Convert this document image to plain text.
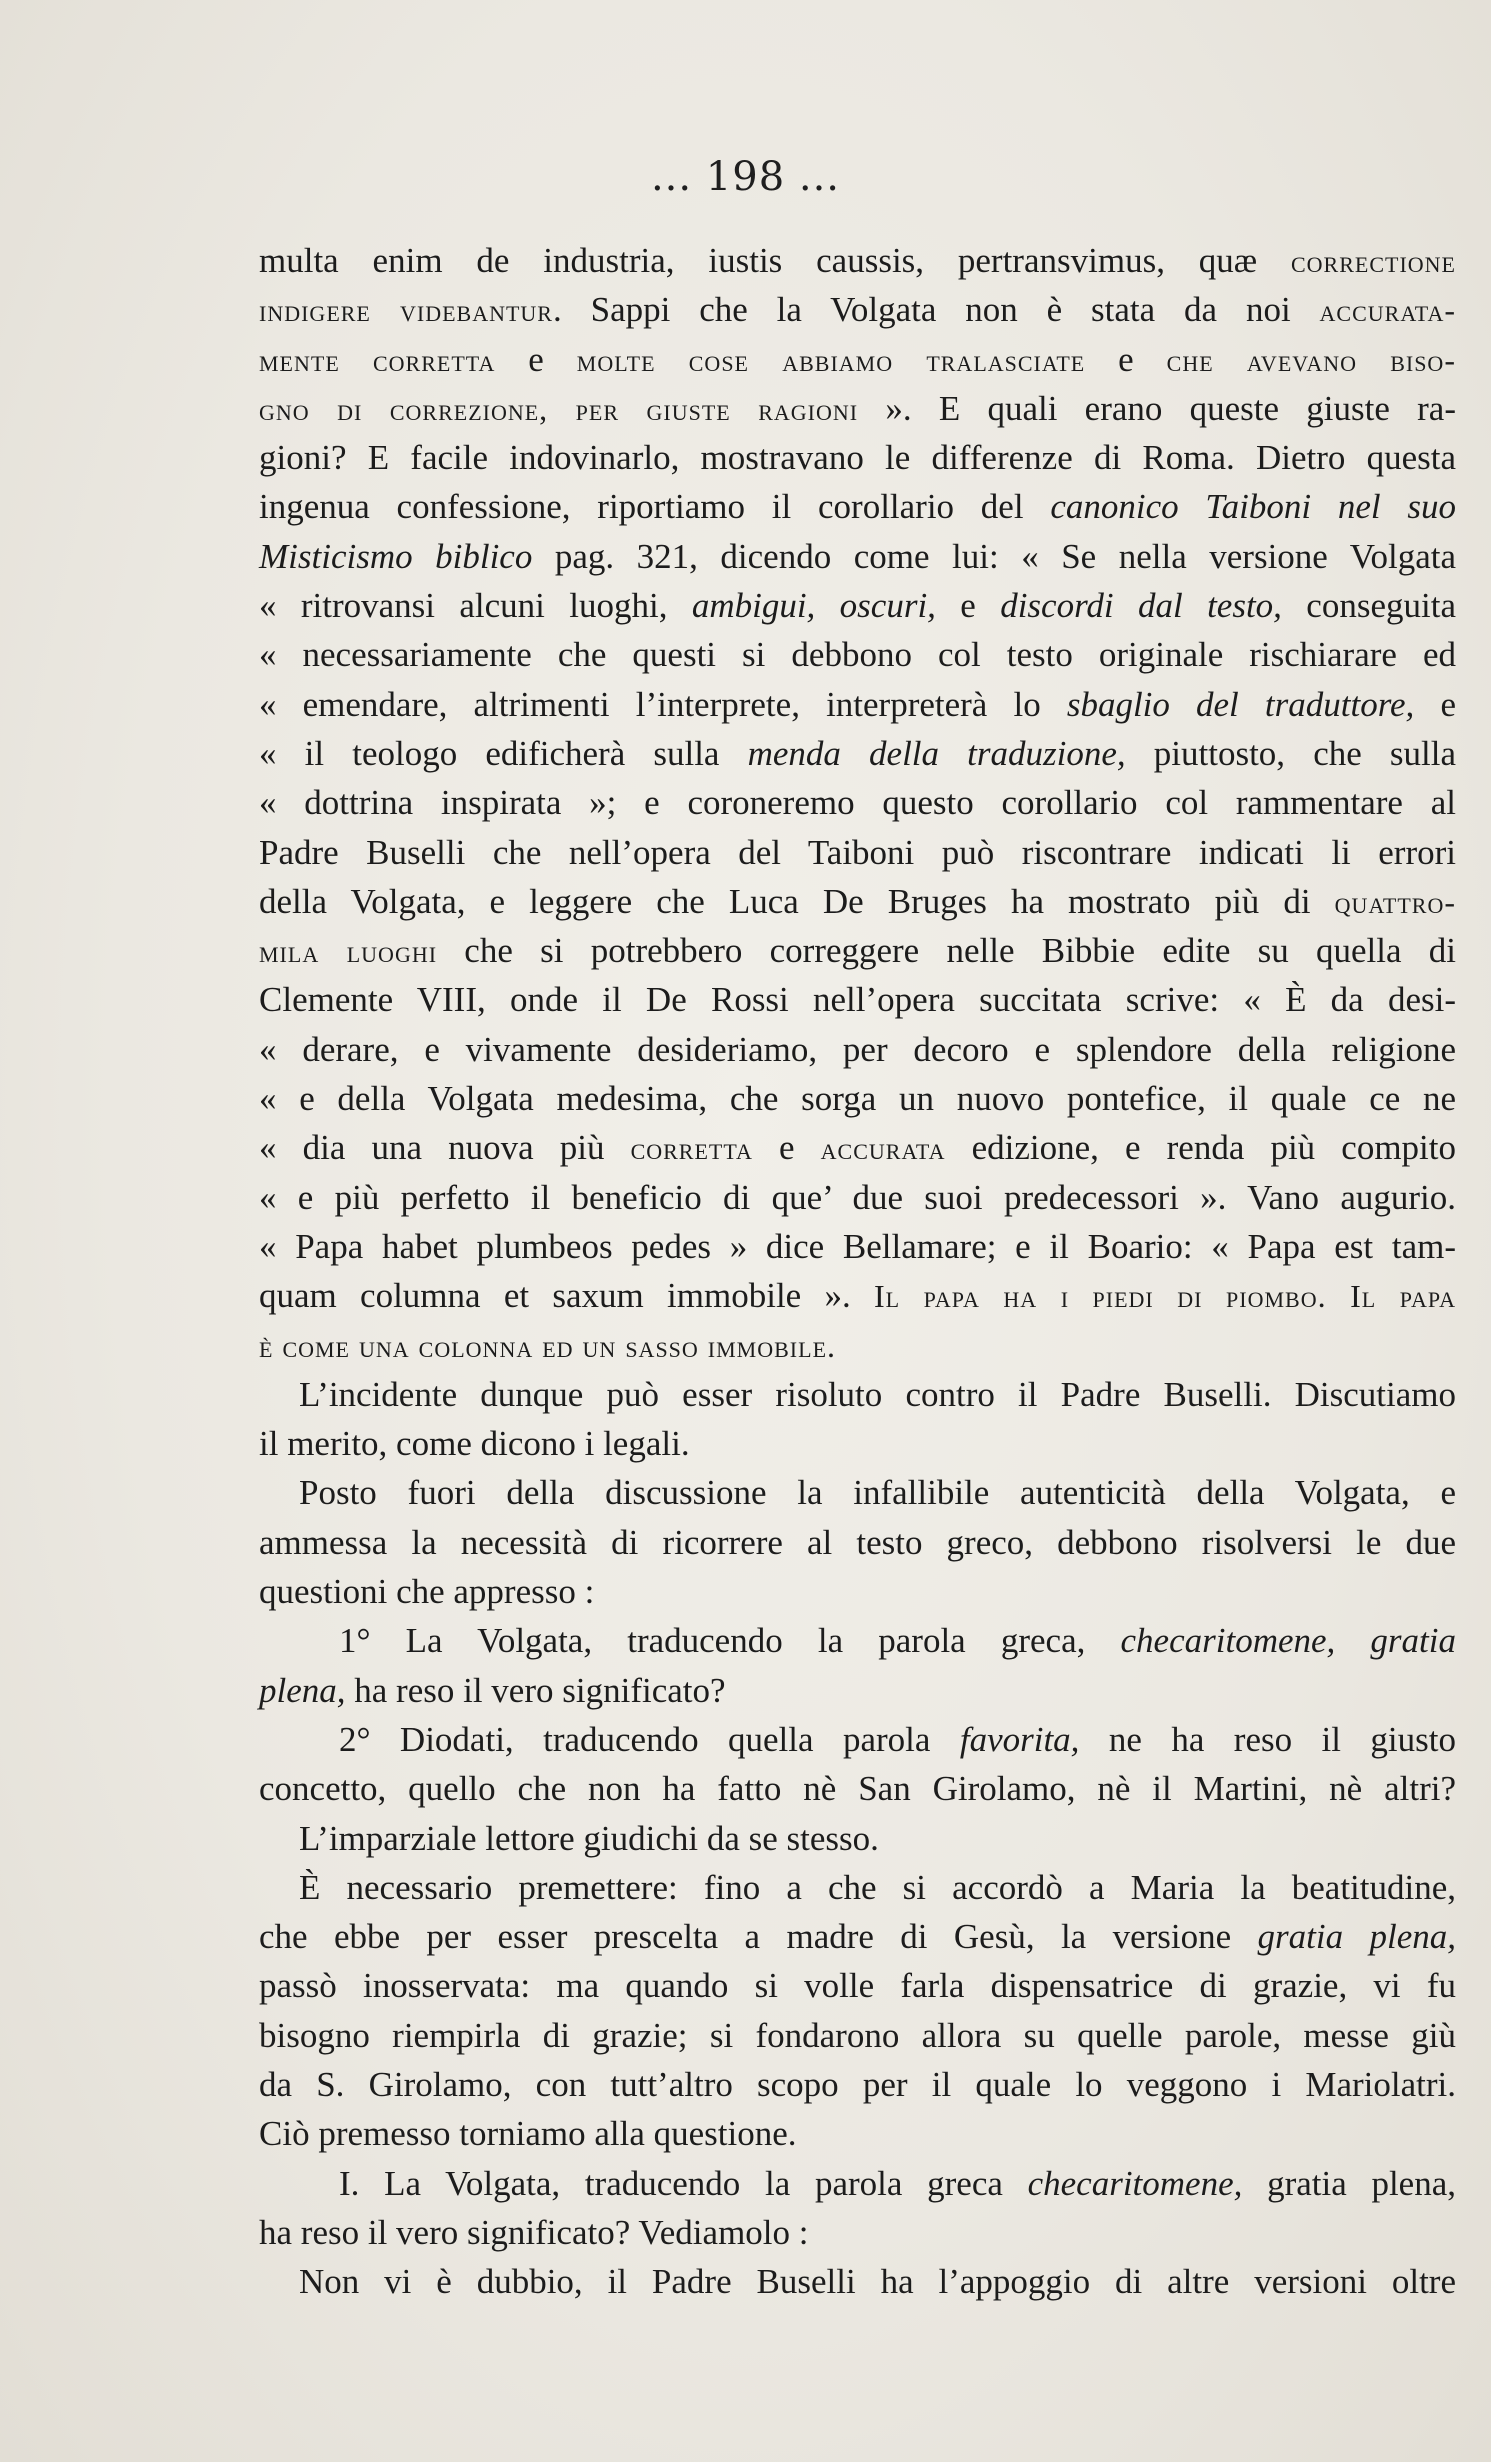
... 198 ...
multa enim de industria, iustis caussis, pertransvimus, quæ correctione
indigere videbantur. Sappi che la Volgata non è stata da noi accurata-
mente corretta e molte cose abbiamo tralasciate e che avevano biso-
gno di correzione, per giuste ragioni ». E quali erano queste giuste ra-
gioni? E facile indovinarlo, mostravano le differenze di Roma. Dietro questa
ingenua confessione, riportiamo il corollario del canonico Taiboni nel suo
Misticismo biblico pag. 321, dicendo come lui: « Se nella versione Volgata
« ritrovansi alcuni luoghi, ambigui, oscuri, e discordi dal testo, conseguita
« necessariamente che questi si debbono col testo originale rischiarare ed
« emendare, altrimenti l’interprete, interpreterà lo sbaglio del traduttore, e
« il teologo edificherà sulla menda della traduzione, piuttosto, che sulla
« dottrina inspirata »; e coroneremo questo corollario col rammentare al
Padre Buselli che nell’opera del Taiboni può riscontrare indicati li errori
della Volgata, e leggere che Luca De Bruges ha mostrato più di quattro-
mila luoghi che si potrebbero correggere nelle Bibbie edite su quella di
Clemente VIII, onde il De Rossi nell’opera succitata scrive: « È da desi-
« derare, e vivamente desideriamo, per decoro e splendore della religione
« e della Volgata medesima, che sorga un nuovo pontefice, il quale ce ne
« dia una nuova più corretta e accurata edizione, e renda più compito
« e più perfetto il beneficio di que’ due suoi predecessori ». Vano augurio.
« Papa habet plumbeos pedes » dice Bellamare; e il Boario: « Papa est tam-
quam columna et saxum immobile ». Il papa ha i piedi di piombo. Il papa
è come una colonna ed un sasso immobile.
L’incidente dunque può esser risoluto contro il Padre Buselli. Discutiamo
il merito, come dicono i legali.
Posto fuori della discussione la infallibile autenticità della Volgata, e
ammessa la necessità di ricorrere al testo greco, debbono risolversi le due
questioni che appresso :
1° La Volgata, traducendo la parola greca, checaritomene, gratia
plena, ha reso il vero significato?
2° Diodati, traducendo quella parola favorita, ne ha reso il giusto
concetto, quello che non ha fatto nè San Girolamo, nè il Martini, nè altri?
L’imparziale lettore giudichi da se stesso.
È necessario premettere: fino a che si accordò a Maria la beatitudine,
che ebbe per esser prescelta a madre di Gesù, la versione gratia plena,
passò inosservata: ma quando si volle farla dispensatrice di grazie, vi fu
bisogno riempirla di grazie; si fondarono allora su quelle parole, messe giù
da S. Girolamo, con tutt’altro scopo per il quale lo veggono i Mariolatri.
Ciò premesso torniamo alla questione.
I. La Volgata, traducendo la parola greca checaritomene, gratia plena,
ha reso il vero significato? Vediamolo :
Non vi è dubbio, il Padre Buselli ha l’appoggio di altre versioni oltre
